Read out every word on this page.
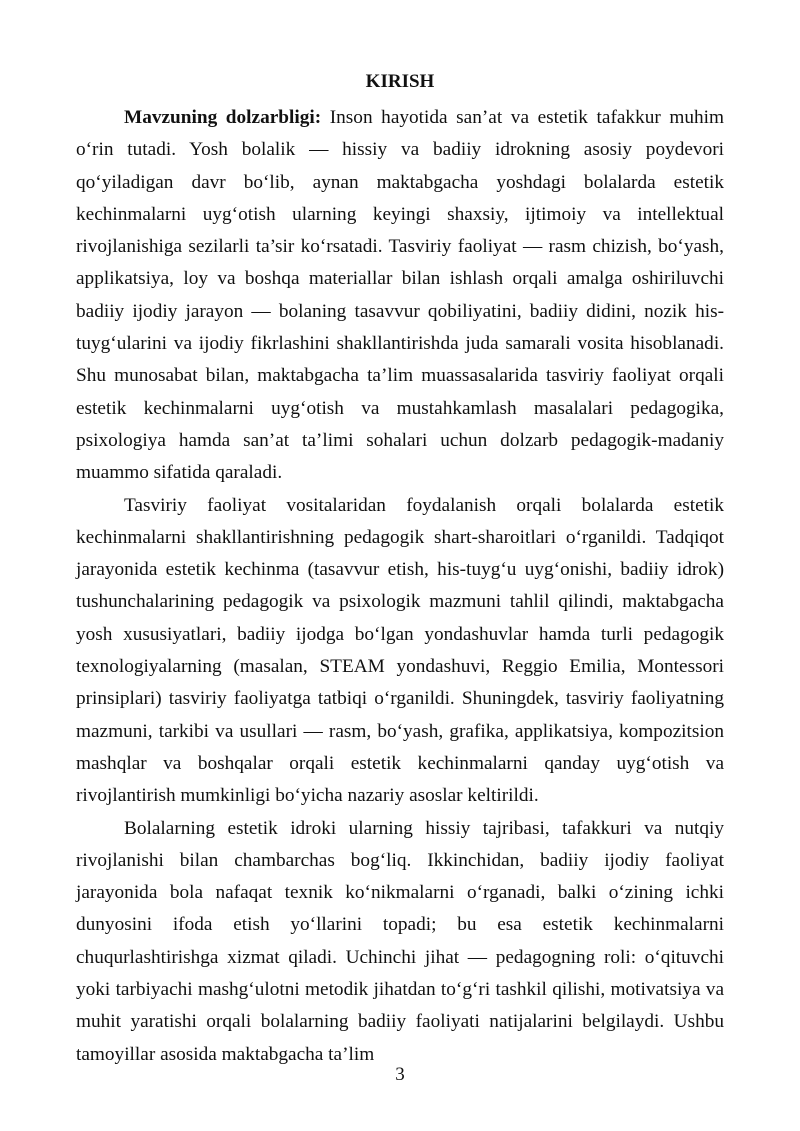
KIRISH

Mavzuning dolzarbligi: Inson hayotida san’at va estetik tafakkur muhim o‘rin tutadi. Yosh bolalik — hissiy va badiiy idrokning asosiy poydevori qo‘yiladigan davr bo‘lib, aynan maktabgacha yoshdagi bolalarda estetik kechinmalarni uyg‘otish ularning keyingi shaxsiy, ijtimoiy va intellektual rivojlanishiga sezilarli ta’sir ko‘rsatadi. Tasviriy faoliyat — rasm chizish, bo‘yash, applikatsiya, loy va boshqa materiallar bilan ishlash orqali amalga oshiriluvchi badiiy ijodiy jarayon — bolaning tasavvur qobiliyatini, badiiy didini, nozik his-tuyg‘ularini va ijodiy fikrlashini shakllantirishda juda samarali vosita hisoblanadi. Shu munosabat bilan, maktabgacha ta’lim muassasalarida tasviriy faoliyat orqali estetik kechinmalarni uyg‘otish va mustahkamlash masalalari pedagogika, psixologiya hamda san’at ta’limi sohalari uchun dolzarb pedagogik-madaniy muammo sifatida qaraladi.

Tasviriy faoliyat vositalaridan foydalanish orqali bolalarda estetik kechinmalarni shakllantirishning pedagogik shart-sharoitlari o‘rganildi. Tadqiqot jarayonida estetik kechinma (tasavvur etish, his-tuyg‘u uyg‘onishi, badiiy idrok) tushunchalarining pedagogik va psixologik mazmuni tahlil qilindi, maktabgacha yosh xususiyatlari, badiiy ijodga bo‘lgan yondashuvlar hamda turli pedagogik texnologiyalarning (masalan, STEAM yondashuvi, Reggio Emilia, Montessori prinsiplari) tasviriy faoliyatga tatbiqi o‘rganildi. Shuningdek, tasviriy faoliyatning mazmuni, tarkibi va usullari — rasm, bo‘yash, grafika, applikatsiya, kompozitsion mashqlar va boshqalar orqali estetik kechinmalarni qanday uyg‘otish va rivojlantirish mumkinligi bo‘yicha nazariy asoslar keltirildi.

Bolalarning estetik idroki ularning hissiy tajribasi, tafakkuri va nutqiy rivojlanishi bilan chambarchas bog‘liq. Ikkinchidan, badiiy ijodiy faoliyat jarayonida bola nafaqat texnik ko‘nikmalarni o‘rganadi, balki o‘zining ichki dunyosini ifoda etish yo‘llarini topadi; bu esa estetik kechinmalarni chuqurlashtirishga xizmat qiladi. Uchinchi jihat — pedagogning roli: o‘qituvchi yoki tarbiyachi mashg‘ulotni metodik jihatdan to‘g‘ri tashkil qilishi, motivatsiya va muhit yaratishi orqali bolalarning badiiy faoliyati natijalarini belgilaydi. Ushbu tamoyillar asosida maktabgacha ta’lim

3
